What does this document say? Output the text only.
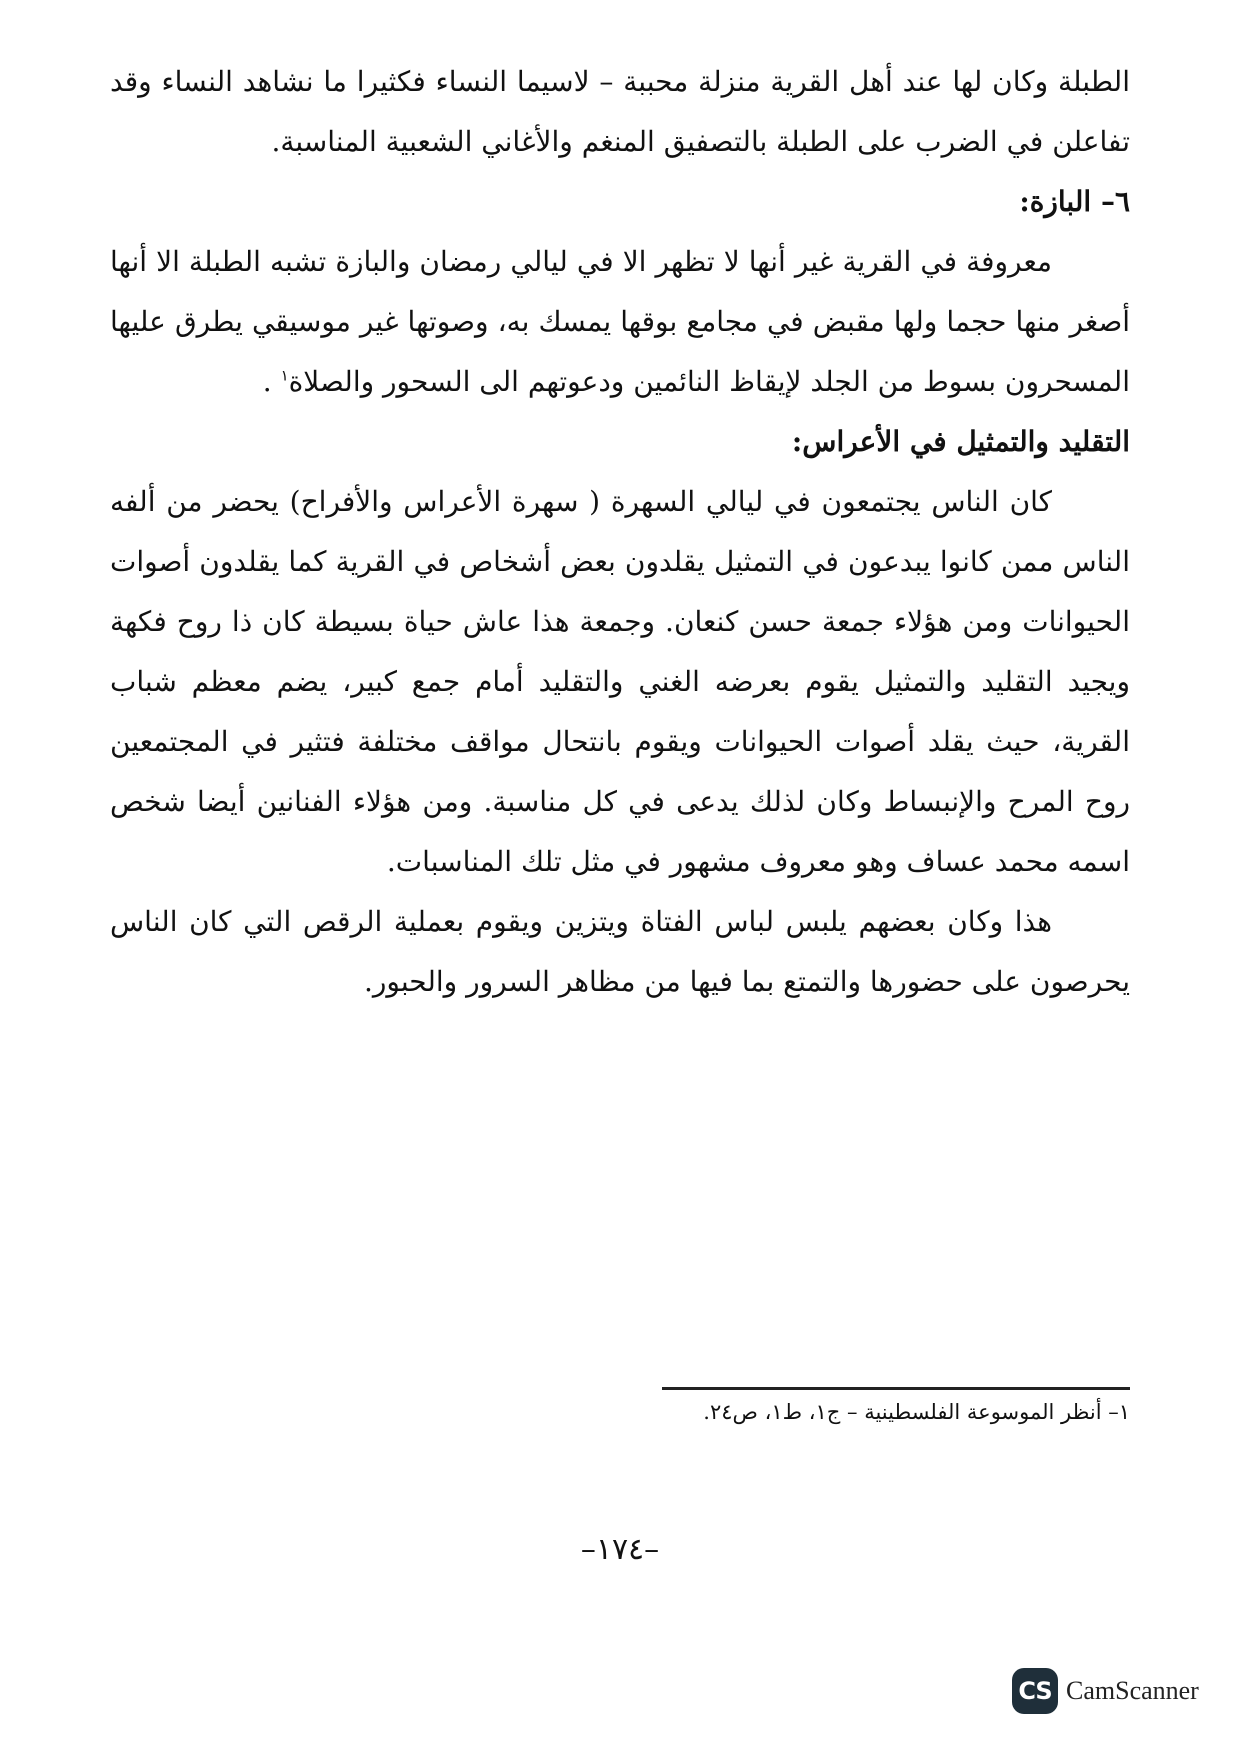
الطبلة وكان لها عند أهل القرية منزلة محببة – لاسيما النساء فكثيرا ما نشاهد النساء وقد تفاعلن في الضرب على الطبلة بالتصفيق المنغم والأغاني الشعبية المناسبة.

٦– البازة:

معروفة في القرية غير أنها لا تظهر الا في ليالي رمضان والبازة تشبه الطبلة الا أنها أصغر منها حجما ولها مقبض في مجامع بوقها يمسك به، وصوتها غير موسيقي يطرق عليها المسحرون بسوط من الجلد لإيقاظ النائمين ودعوتهم الى السحور والصلاة$^١$ .

التقليد والتمثيل في الأعراس:

كان الناس يجتمعون في ليالي السهرة ( سهرة الأعراس والأفراح) يحضر من ألفه الناس ممن كانوا يبدعون في التمثيل يقلدون بعض أشخاص في القرية كما يقلدون أصوات الحيوانات ومن هؤلاء جمعة حسن كنعان. وجمعة هذا عاش حياة بسيطة كان ذا روح فكهة ويجيد التقليد والتمثيل يقوم بعرضه الغني والتقليد أمام جمع كبير، يضم معظم شباب القرية، حيث يقلد أصوات الحيوانات ويقوم بانتحال مواقف مختلفة فتثير في المجتمعين روح المرح والإنبساط وكان لذلك يدعى في كل مناسبة. ومن هؤلاء الفنانين أيضا شخص اسمه محمد عساف وهو معروف مشهور في مثل تلك المناسبات.

هذا وكان بعضهم يلبس لباس الفتاة ويتزين ويقوم بعملية الرقص التي كان الناس يحرصون على حضورها والتمتع بما فيها من مظاهر السرور والحبور.

١– أنظر الموسوعة الفلسطينية – ج١، ط١، ص٢٤.

–١٧٤–

CS CamScanner
